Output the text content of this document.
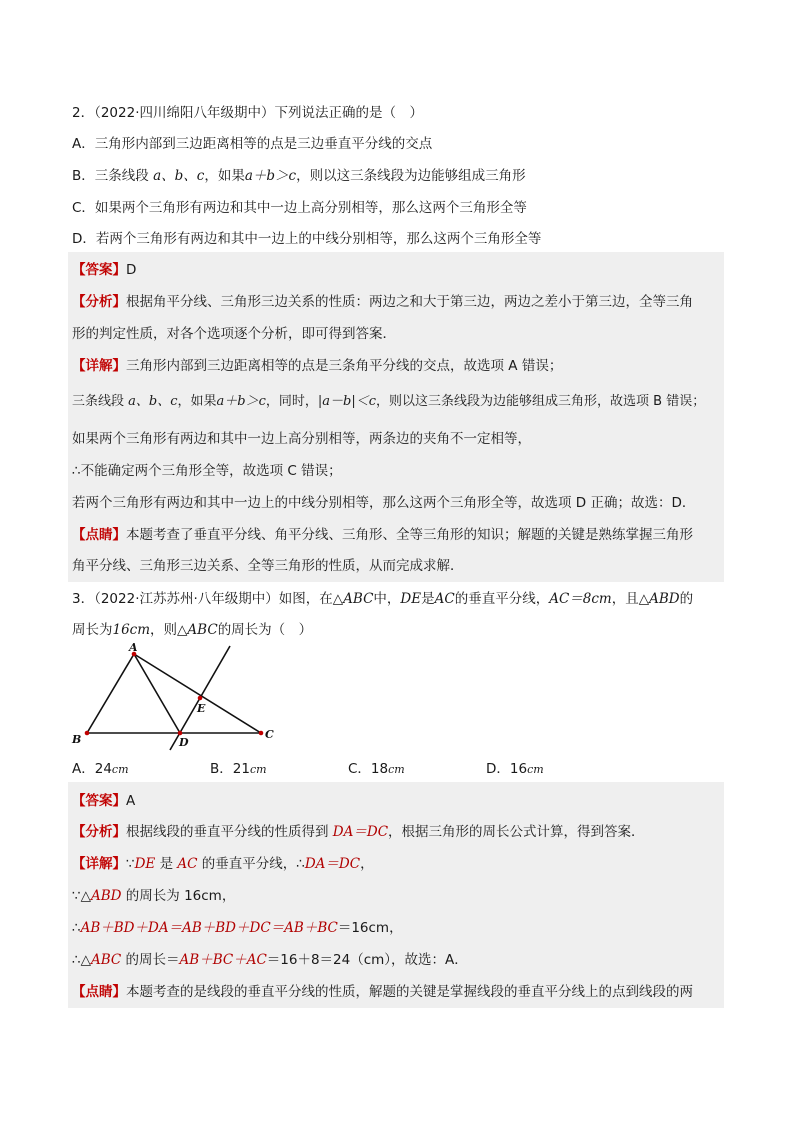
2．（2022·四川绵阳八年级期中）下列说法正确的是（　）
A．三角形内部到三边距离相等的点是三边垂直平分线的交点
B．三条线段 a、b、c，如果a＋b＞c，则以这三条线段为边能够组成三角形
C．如果两个三角形有两边和其中一边上高分别相等，那么这两个三角形全等
D．若两个三角形有两边和其中一边上的中线分别相等，那么这两个三角形全等
【答案】D
【分析】根据角平分线、三角形三边关系的性质：两边之和大于第三边，两边之差小于第三边，全等三角
形的判定性质，对各个选项逐个分析，即可得到答案．
【详解】三角形内部到三边距离相等的点是三条角平分线的交点，故选项 A 错误；
三条线段 a、b、c，如果a＋b＞c，同时，|a－b|＜c，则以这三条线段为边能够组成三角形，故选项 B 错误；
如果两个三角形有两边和其中一边上高分别相等，两条边的夹角不一定相等，
∴不能确定两个三角形全等，故选项 C 错误；
若两个三角形有两边和其中一边上的中线分别相等，那么这两个三角形全等，故选项 D 正确；故选：D．
【点睛】本题考查了垂直平分线、角平分线、三角形、全等三角形的知识；解题的关键是熟练掌握三角形
角平分线、三角形三边关系、全等三角形的性质，从而完成求解．
3．（2022·江苏苏州·八年级期中）如图，在△ABC中，DE是AC的垂直平分线，AC＝8cm，且△ABD的
周长为16cm，则△ABC的周长为（　）
A
B	C
D
E
A．24cm	B．21cm	C．18cm	D．16cm
【答案】A
【分析】根据线段的垂直平分线的性质得到 DA＝DC，根据三角形的周长公式计算，得到答案．
【详解】∵DE 是 AC 的垂直平分线，∴DA＝DC，
∵△ABD 的周长为 16cm，
∴AB＋BD＋DA＝AB＋BD＋DC＝AB＋BC＝16cm，
∴△ABC 的周长＝AB＋BC＋AC＝16＋8＝24（cm），故选：A．
【点睛】本题考查的是线段的垂直平分线的性质，解题的关键是掌握线段的垂直平分线上的点到线段的两
